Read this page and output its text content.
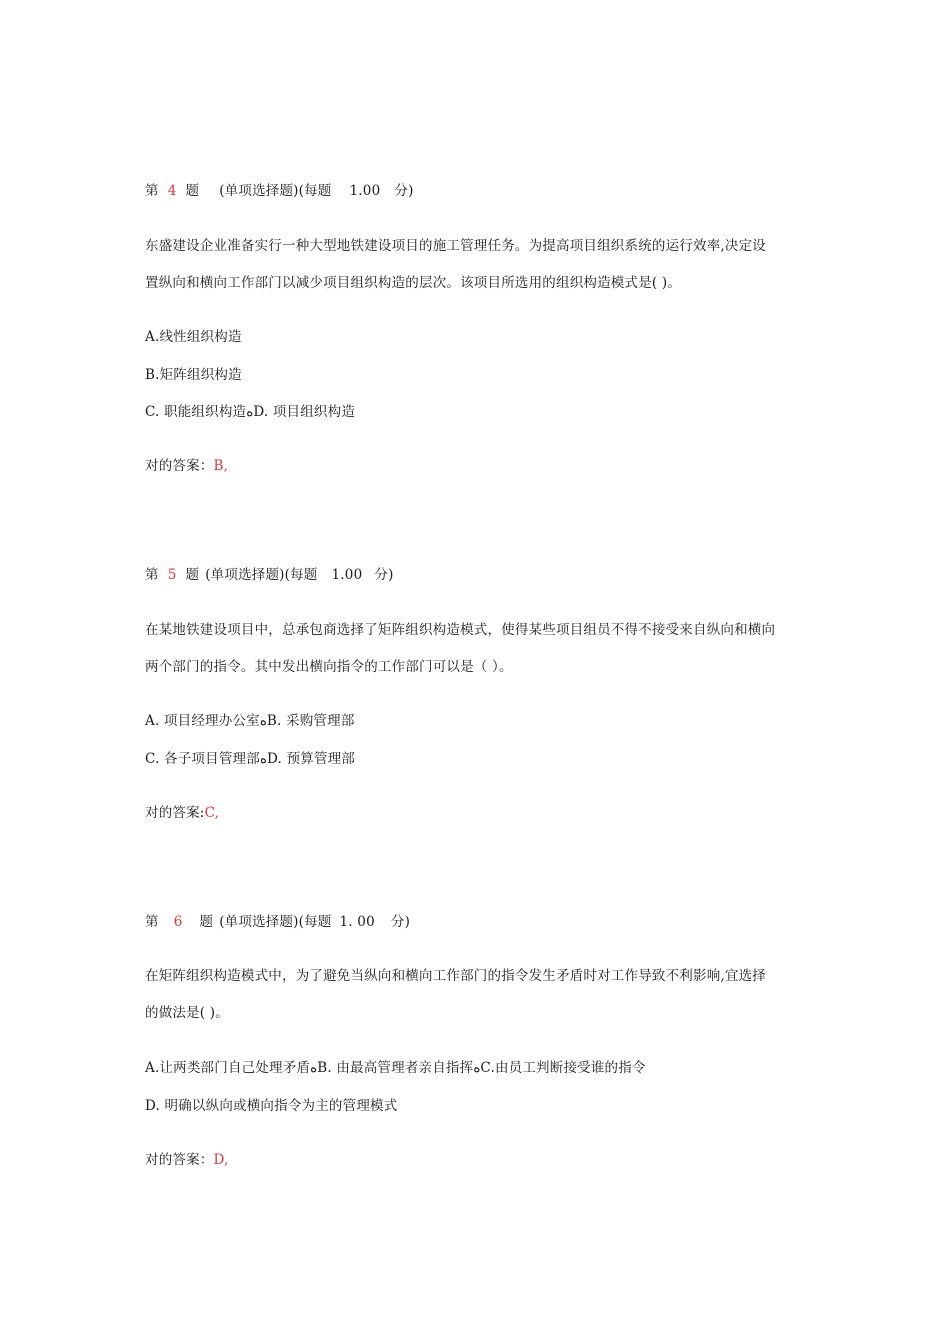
第 4 题 (单项选择题)(每题 1.00 分)
东盛建设企业准备实行一种大型地铁建设项目的施工管理任务。为提高项目组织系统的运行效率,决定设
置纵向和横向工作部门以减少项目组织构造的层次。该项目所选用的组织构造模式是( )。
A.线性组织构造
B.矩阵组织构造
C. 职能组织构造ﻩD. 项目组织构造
对的答案：B,
第 5 题 (单项选择题)(每题 1.00 分)
在某地铁建设项目中，总承包商选择了矩阵组织构造模式，使得某些项目组员不得不接受来自纵向和横向
两个部门的指令。其中发出横向指令的工作部门可以是（ ）。
A. 项目经理办公室ﻩB. 采购管理部
C. 各子项目管理部ﻩD. 预算管理部
对的答案:C,
第 6 题 (单项选择题)(每题 1. 00 分)
在矩阵组织构造模式中，为了避免当纵向和横向工作部门的指令发生矛盾时对工作导致不利影响,宜选择
的做法是( )。
A.让两类部门自己处理矛盾ﻩB. 由最高管理者亲自指挥ﻩC.由员工判断接受谁的指令
D. 明确以纵向或横向指令为主的管理模式
对的答案：D,
